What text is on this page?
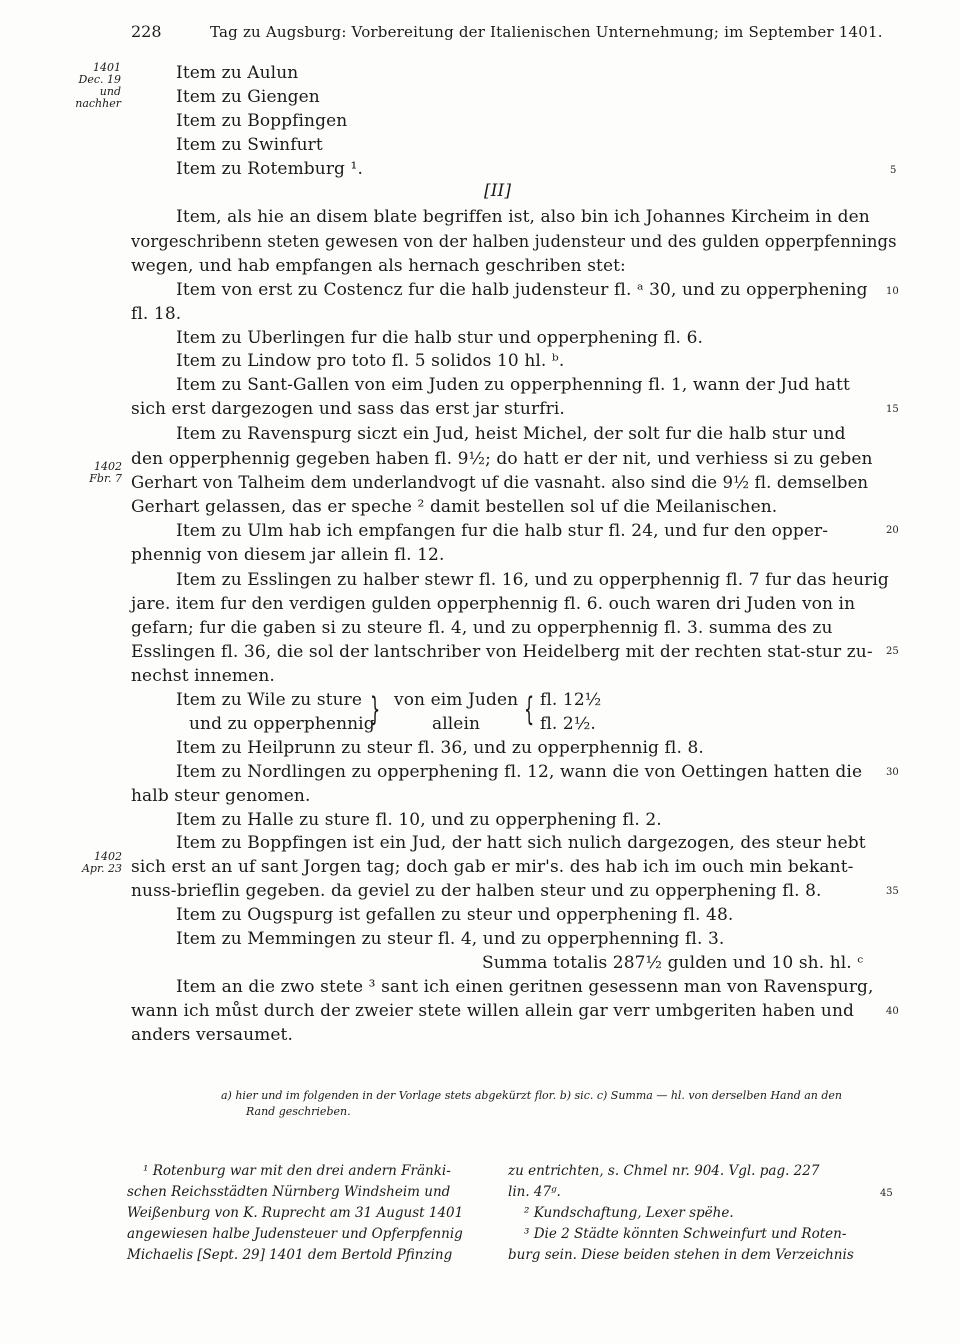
228	Tag zu Augsburg: Vorbereitung der Italienischen Unternehmung; im September 1401.
1401
Dec. 19
und
nachher
1402
Fbr. 7
1402
Apr. 23
5
10
15
20
25
30
35
40
45
Item zu Aulun
Item zu Giengen
Item zu Boppfingen
Item zu Swinfurt
Item zu Rotemburg ¹.
[II]
Item, als hie an disem blate begriffen ist, also bin ich Johannes Kircheim in den
vorgeschribenn steten gewesen von der halben judensteur und des gulden opperpfennings
wegen, und hab empfangen als hernach geschriben stet:
Item von erst zu Costencz fur die halb judensteur fl. ᵃ 30, und zu opperphening
fl. 18.
Item zu Uberlingen fur die halb stur und opperphening fl. 6.
Item zu Lindow pro toto fl. 5 solidos 10 hl. ᵇ.
Item zu Sant-Gallen von eim Juden zu opperphenning fl. 1, wann der Jud hatt
sich erst dargezogen und sass das erst jar sturfri.
Item zu Ravenspurg siczt ein Jud, heist Michel, der solt fur die halb stur und
den opperphennig gegeben haben fl. 9½; do hatt er der nit, und verhiess si zu geben
Gerhart von Talheim dem underlandvogt uf die vasnaht. also sind die 9½ fl. demselben
Gerhart gelassen, das er speche ² damit bestellen sol uf die Meilanischen.
Item zu Ulm hab ich empfangen fur die halb stur fl. 24, und fur den opper-
phennig von diesem jar allein fl. 12.
Item zu Esslingen zu halber stewr fl. 16, und zu opperphennig fl. 7 fur das heurig
jare. item fur den verdigen gulden opperphennig fl. 6. ouch waren dri Juden von in
gefarn; fur die gaben si zu steure fl. 4, und zu opperphennig fl. 3. summa des zu
Esslingen fl. 36, die sol der lantschriber von Heidelberg mit der rechten stat-stur zu-
nechst innemen.
Item zu Wile zu sture
und zu opperphennig
} von eim Juden
allein	{ fl. 12½
fl. 2½.
Item zu Heilprunn zu steur fl. 36, und zu opperphennig fl. 8.
Item zu Nordlingen zu opperphening fl. 12, wann die von Oettingen hatten die
halb steur genomen.
Item zu Halle zu sture fl. 10, und zu opperphening fl. 2.
Item zu Boppfingen ist ein Jud, der hatt sich nulich dargezogen, des steur hebt
sich erst an uf sant Jorgen tag; doch gab er mir's. des hab ich im ouch min bekant-
nuss-brieflin gegeben. da geviel zu der halben steur und zu opperphening fl. 8.
Item zu Ougspurg ist gefallen zu steur und opperphening fl. 48.
Item zu Memmingen zu steur fl. 4, und zu opperphenning fl. 3.
Summa totalis 287½ gulden und 10 sh. hl. ᶜ
Item an die zwo stete ³ sant ich einen geritnen gesessenn man von Ravenspurg,
wann ich můst durch der zweier stete willen allein gar verr umbgeriten haben und
anders versaumet.
a) hier und im folgenden in der Vorlage stets abgekürzt flor. b) sic. c) Summa — hl. von derselben Hand an den
Rand geschrieben.
¹ Rotenburg war mit den drei andern Fränki-
schen Reichsstädten Nürnberg Windsheim und
Weißenburg von K. Ruprecht am 31 August 1401
angewiesen halbe Judensteuer und Opferpfennig
Michaelis [Sept. 29] 1401 dem Bertold Pfinzing
zu entrichten, s. Chmel nr. 904. Vgl. pag. 227
lin. 47ᵍ.
² Kundschaftung, Lexer spëhe.
³ Die 2 Städte könnten Schweinfurt und Roten-
burg sein. Diese beiden stehen in dem Verzeichnis
